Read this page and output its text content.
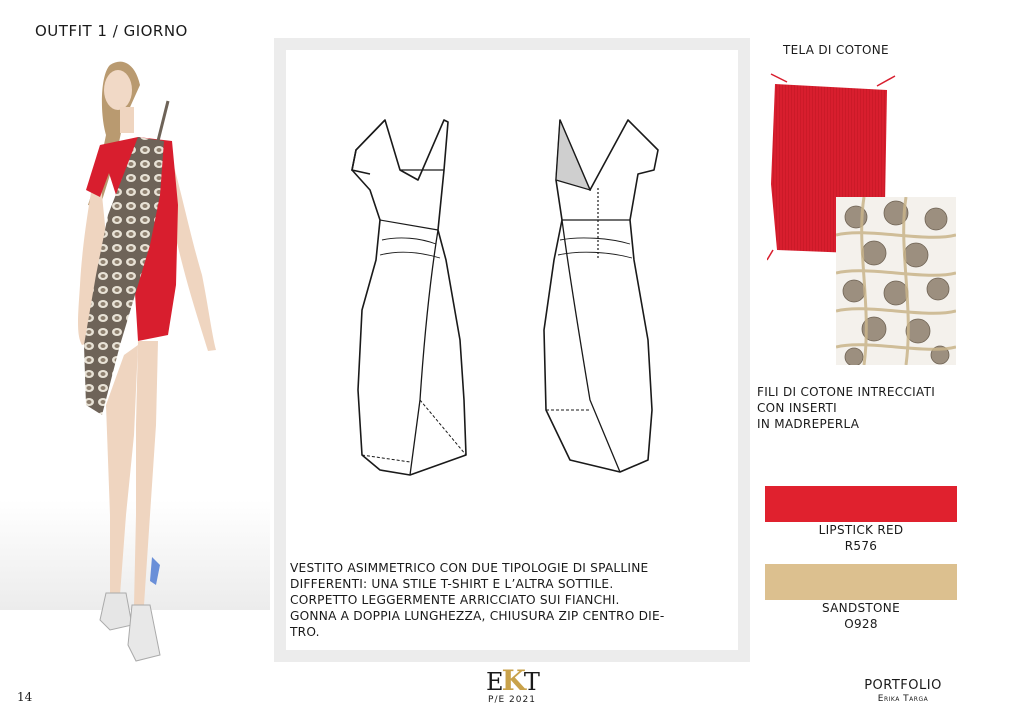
OUTFIT 1 / GIORNO
VESTITO ASIMMETRICO CON DUE TIPOLOGIE DI SPALLINE
DIFFERENTI: UNA STILE T-SHIRT E L’ALTRA SOTTILE.
CORPETTO LEGGERMENTE ARRICCIATO SUI FIANCHI.
GONNA A DOPPIA LUNGHEZZA, CHIUSURA ZIP CENTRO DIE-
TRO.
TELA DI COTONE
FILI DI COTONE INTRECCIATI
CON INSERTI
IN MADREPERLA
LIPSTICK RED
R576
SANDSTONE
O928
14
EKT
P/E 2021
PORTFOLIO
Erika Targa
